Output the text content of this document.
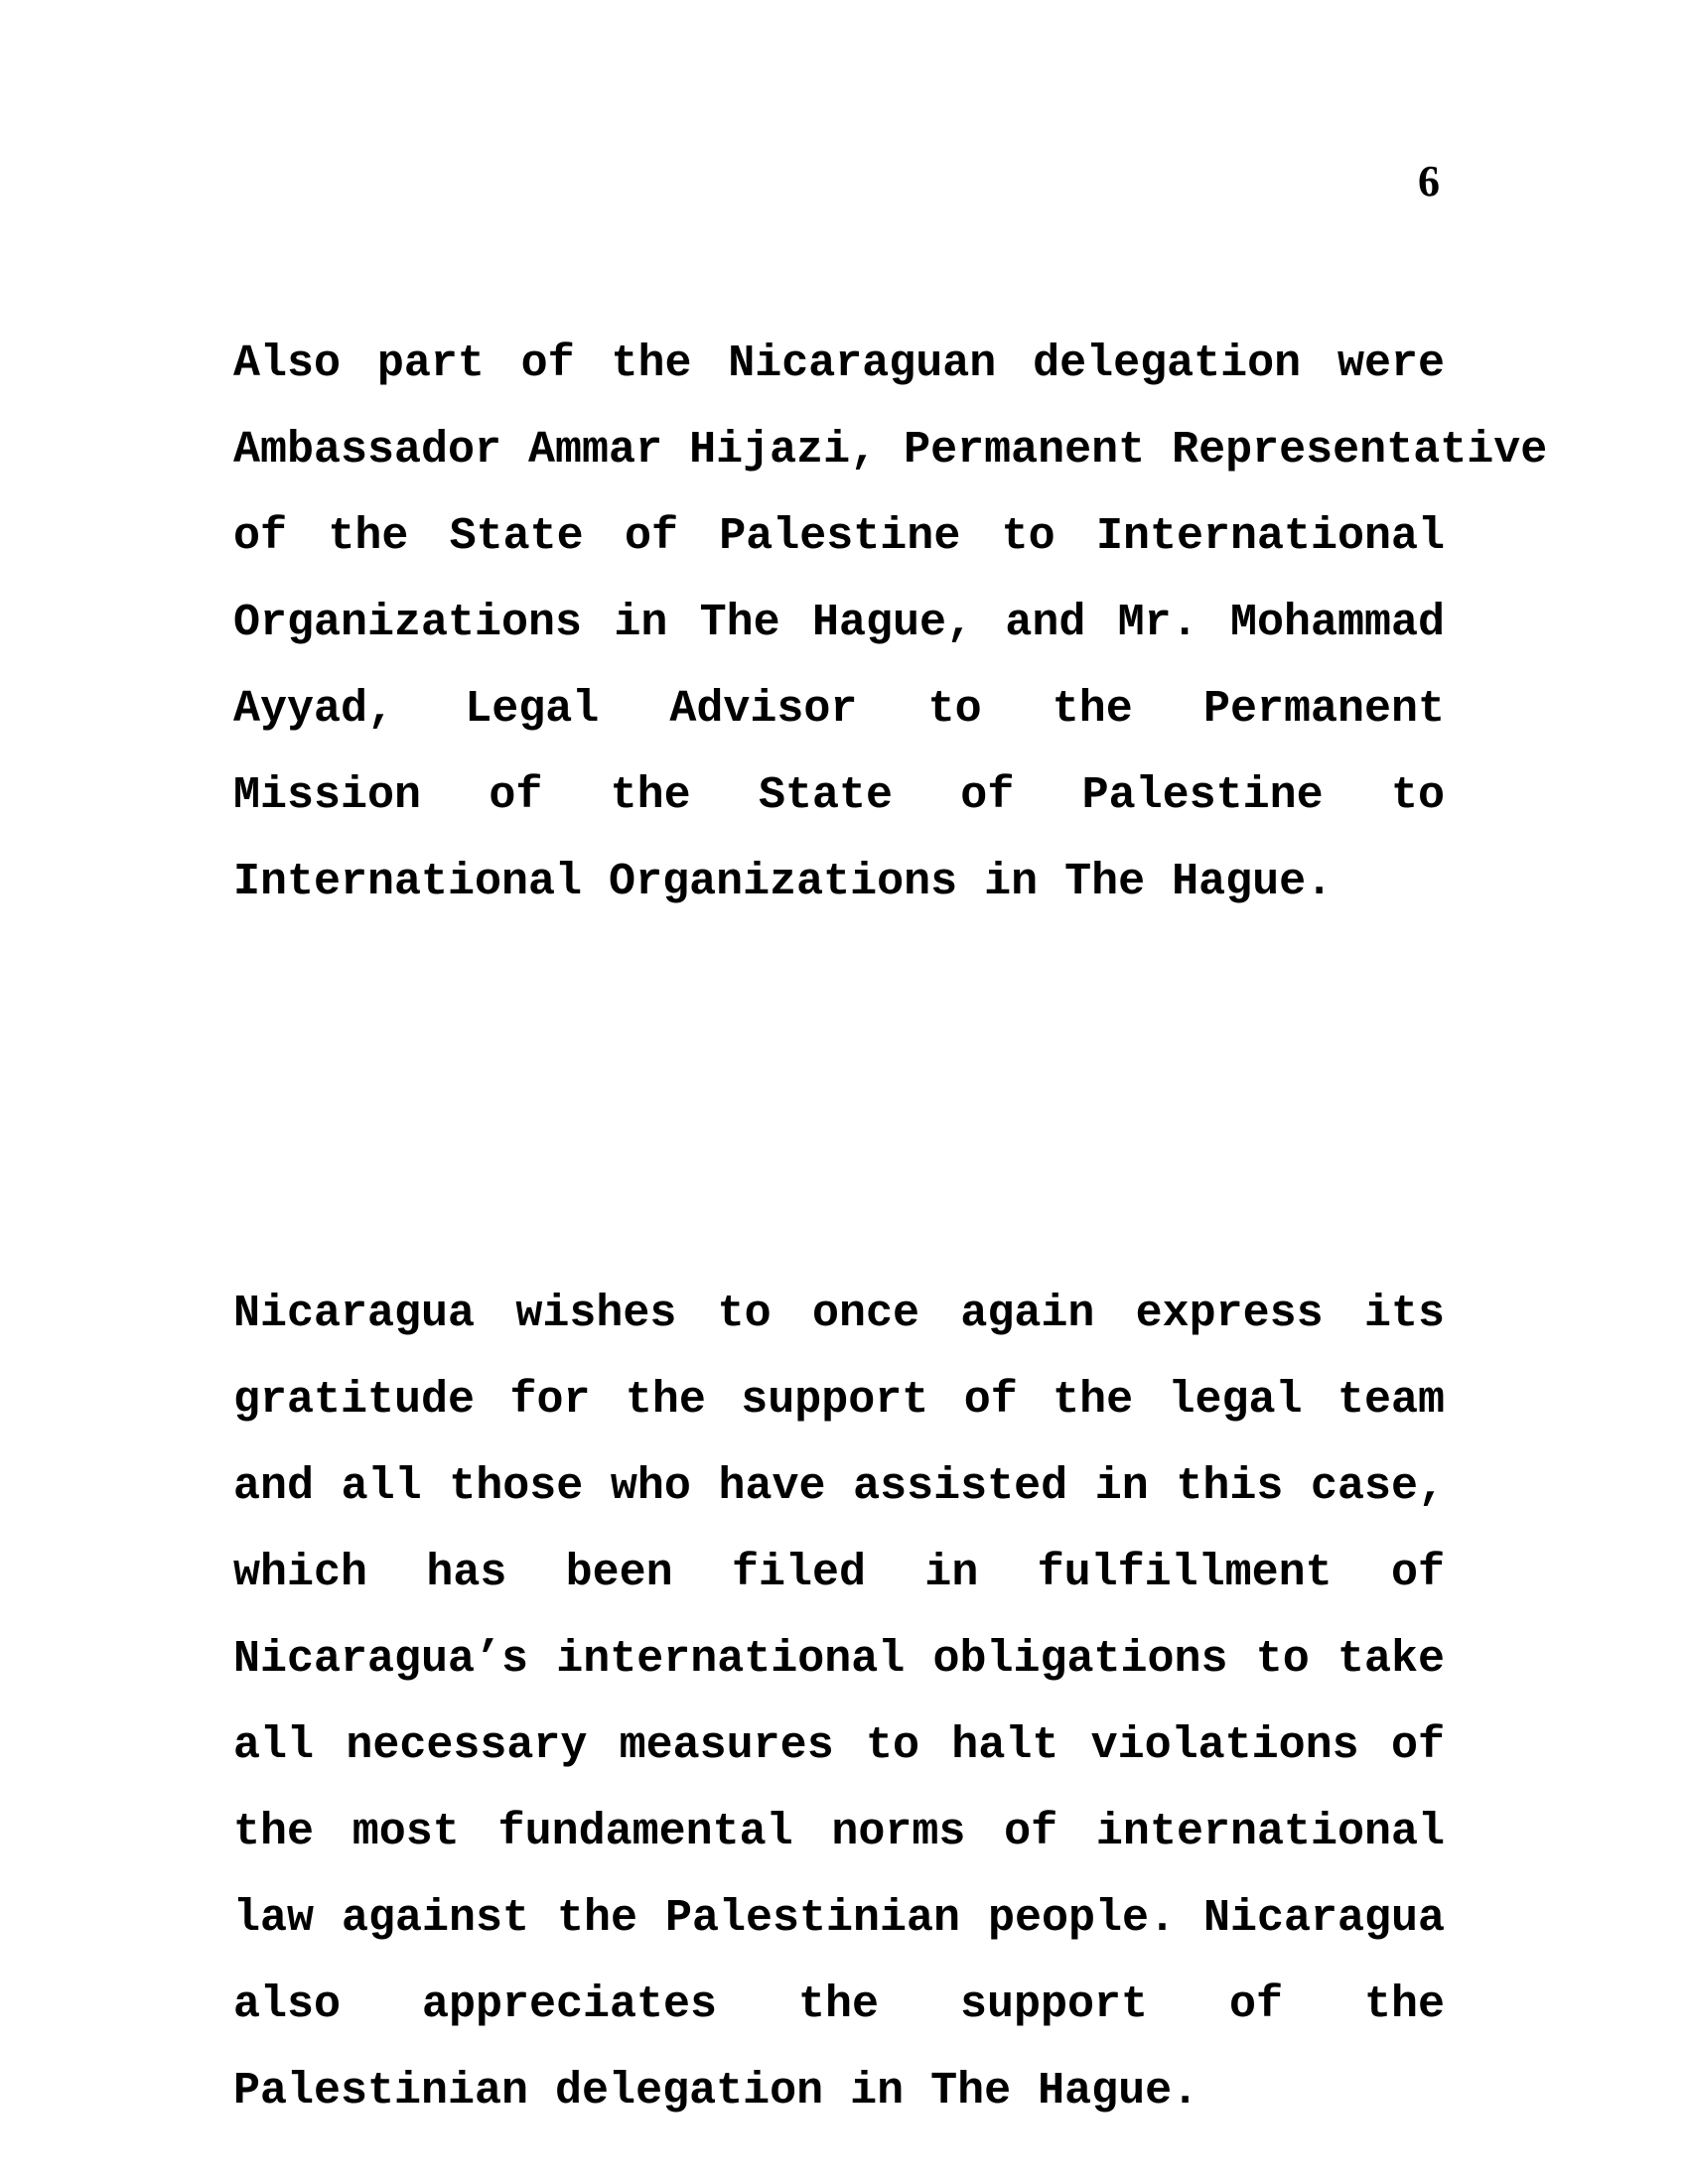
6
Also part of the Nicaraguan delegation were
Ambassador Ammar Hijazi, Permanent Representative
of the State of Palestine to International
Organizations in The Hague, and Mr. Mohammad
Ayyad, Legal Advisor to the Permanent
Mission of the State of Palestine to
International Organizations in The Hague.
Nicaragua wishes to once again express its
gratitude for the support of the legal team
and all those who have assisted in this case,
which has been filed in fulfillment of
Nicaragua’s international obligations to take
all necessary measures to halt violations of
the most fundamental norms of international
law against the Palestinian people. Nicaragua
also appreciates the support of the
Palestinian delegation in The Hague.
